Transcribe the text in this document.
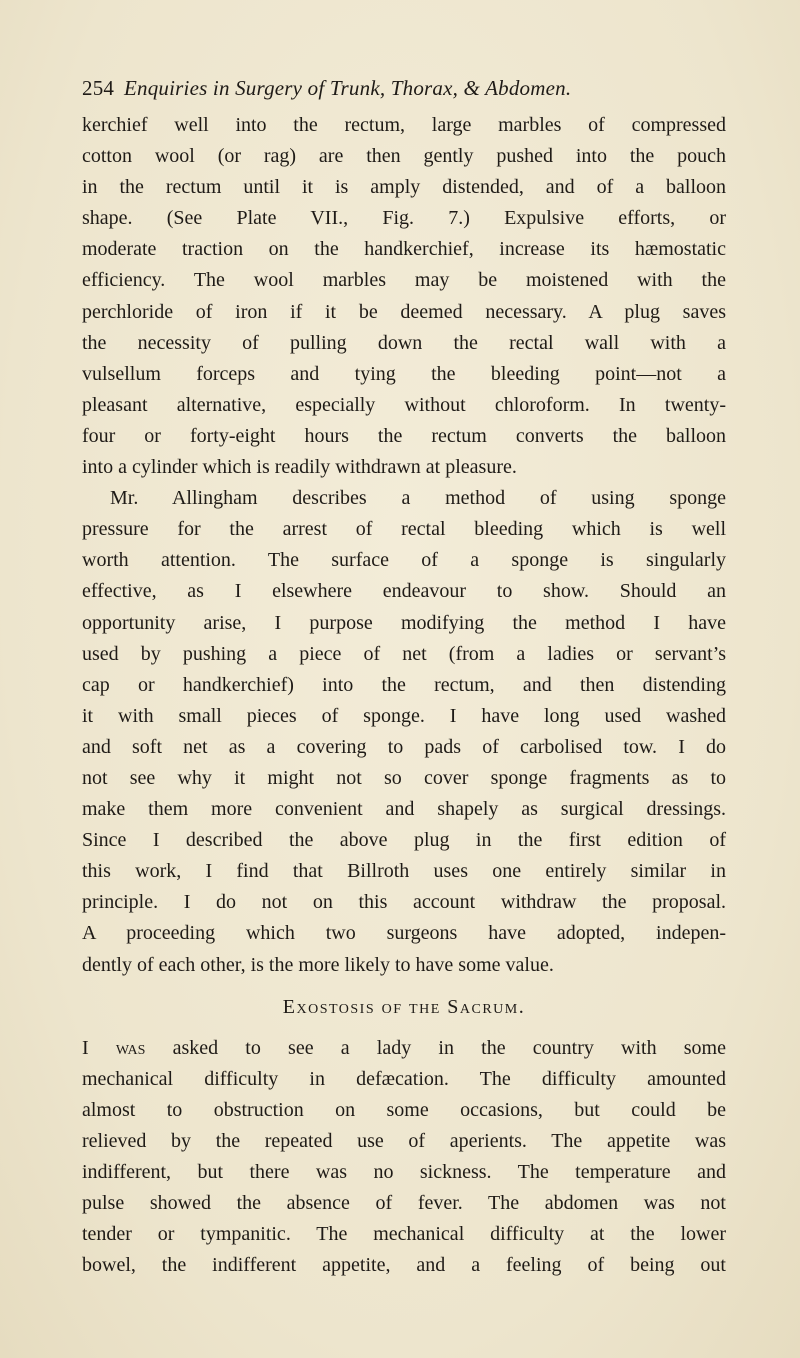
254 Enquiries in Surgery of Trunk, Thorax, & Abdomen.
kerchief well into the rectum, large marbles of compressed
cotton wool (or rag) are then gently pushed into the pouch
in the rectum until it is amply distended, and of a balloon
shape. (See Plate VII., Fig. 7.) Expulsive efforts, or
moderate traction on the handkerchief, increase its hæmostatic
efficiency. The wool marbles may be moistened with the
perchloride of iron if it be deemed necessary. A plug saves
the necessity of pulling down the rectal wall with a
vulsellum forceps and tying the bleeding point—not a
pleasant alternative, especially without chloroform. In twenty-
four or forty-eight hours the rectum converts the balloon
into a cylinder which is readily withdrawn at pleasure.
Mr. Allingham describes a method of using sponge
pressure for the arrest of rectal bleeding which is well
worth attention. The surface of a sponge is singularly
effective, as I elsewhere endeavour to show. Should an
opportunity arise, I purpose modifying the method I have
used by pushing a piece of net (from a ladies or servant’s
cap or handkerchief) into the rectum, and then distending
it with small pieces of sponge. I have long used washed
and soft net as a covering to pads of carbolised tow. I do
not see why it might not so cover sponge fragments as to
make them more convenient and shapely as surgical dressings.
Since I described the above plug in the first edition of
this work, I find that Billroth uses one entirely similar in
principle. I do not on this account withdraw the proposal.
A proceeding which two surgeons have adopted, indepen-
dently of each other, is the more likely to have some value.
Exostosis of the Sacrum.
I was asked to see a lady in the country with some
mechanical difficulty in defæcation. The difficulty amounted
almost to obstruction on some occasions, but could be
relieved by the repeated use of aperients. The appetite was
indifferent, but there was no sickness. The temperature and
pulse showed the absence of fever. The abdomen was not
tender or tympanitic. The mechanical difficulty at the lower
bowel, the indifferent appetite, and a feeling of being out
